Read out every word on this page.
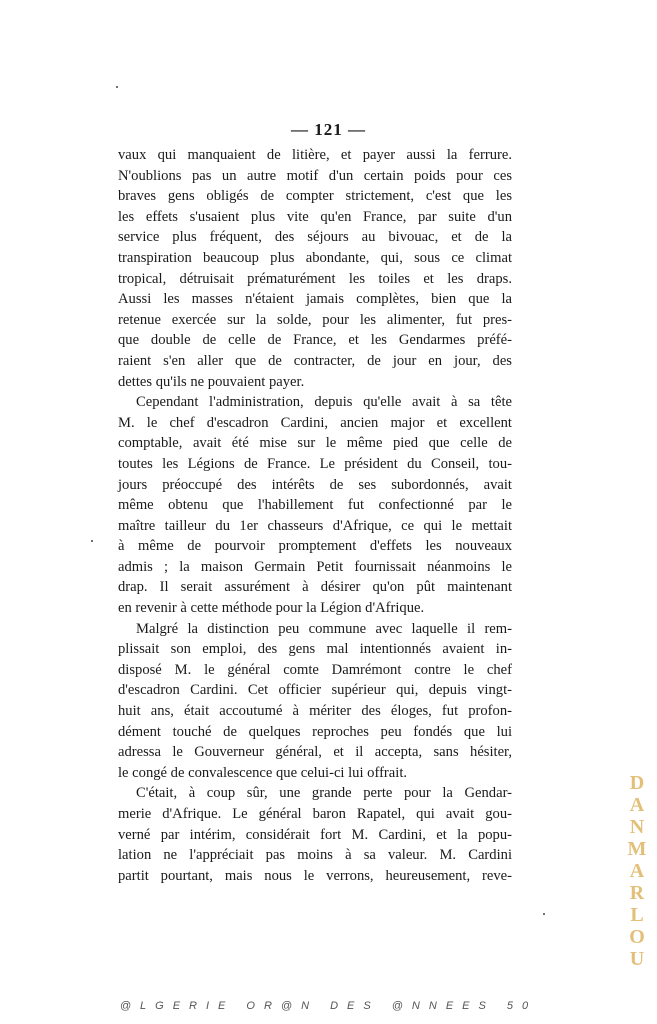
— 121 —
vaux qui manquaient de litière, et payer aussi la ferrure.
N'oublions pas un autre motif d'un certain poids pour ces
braves gens obligés de compter strictement, c'est que les
les effets s'usaient plus vite qu'en France, par suite d'un
service plus fréquent, des séjours au bivouac, et de la
transpiration beaucoup plus abondante, qui, sous ce climat
tropical, détruisait prématurément les toiles et les draps.
Aussi les masses n'étaient jamais complètes, bien que la
retenue exercée sur la solde, pour les alimenter, fut pres-
que double de celle de France, et les Gendarmes préfé-
raient s'en aller que de contracter, de jour en jour, des
dettes qu'ils ne pouvaient payer.
Cependant l'administration, depuis qu'elle avait à sa tête
M. le chef d'escadron Cardini, ancien major et excellent
comptable, avait été mise sur le même pied que celle de
toutes les Légions de France. Le président du Conseil, tou-
jours préoccupé des intérêts de ses subordonnés, avait
même obtenu que l'habillement fut confectionné par le
maître tailleur du 1er chasseurs d'Afrique, ce qui le mettait
à même de pourvoir promptement d'effets les nouveaux
admis ; la maison Germain Petit fournissait néanmoins le
drap. Il serait assurément à désirer qu'on pût maintenant
en revenir à cette méthode pour la Légion d'Afrique.
Malgré la distinction peu commune avec laquelle il rem-
plissait son emploi, des gens mal intentionnés avaient in-
disposé M. le général comte Damrémont contre le chef
d'escadron Cardini. Cet officier supérieur qui, depuis vingt-
huit ans, était accoutumé à mériter des éloges, fut profon-
dément touché de quelques reproches peu fondés que lui
adressa le Gouverneur général, et il accepta, sans hésiter,
le congé de convalescence que celui-ci lui offrait.
C'était, à coup sûr, une grande perte pour la Gendar-
merie d'Afrique. Le général baron Rapatel, qui avait gou-
verné par intérim, considérait fort M. Cardini, et la popu-
lation ne l'appréciait pas moins à sa valeur. M. Cardini
partit pourtant, mais nous le verrons, heureusement, reve-
D
A
N
M
A
R
L
O
U
@LGERIE OR@N DES @NNEES 50
